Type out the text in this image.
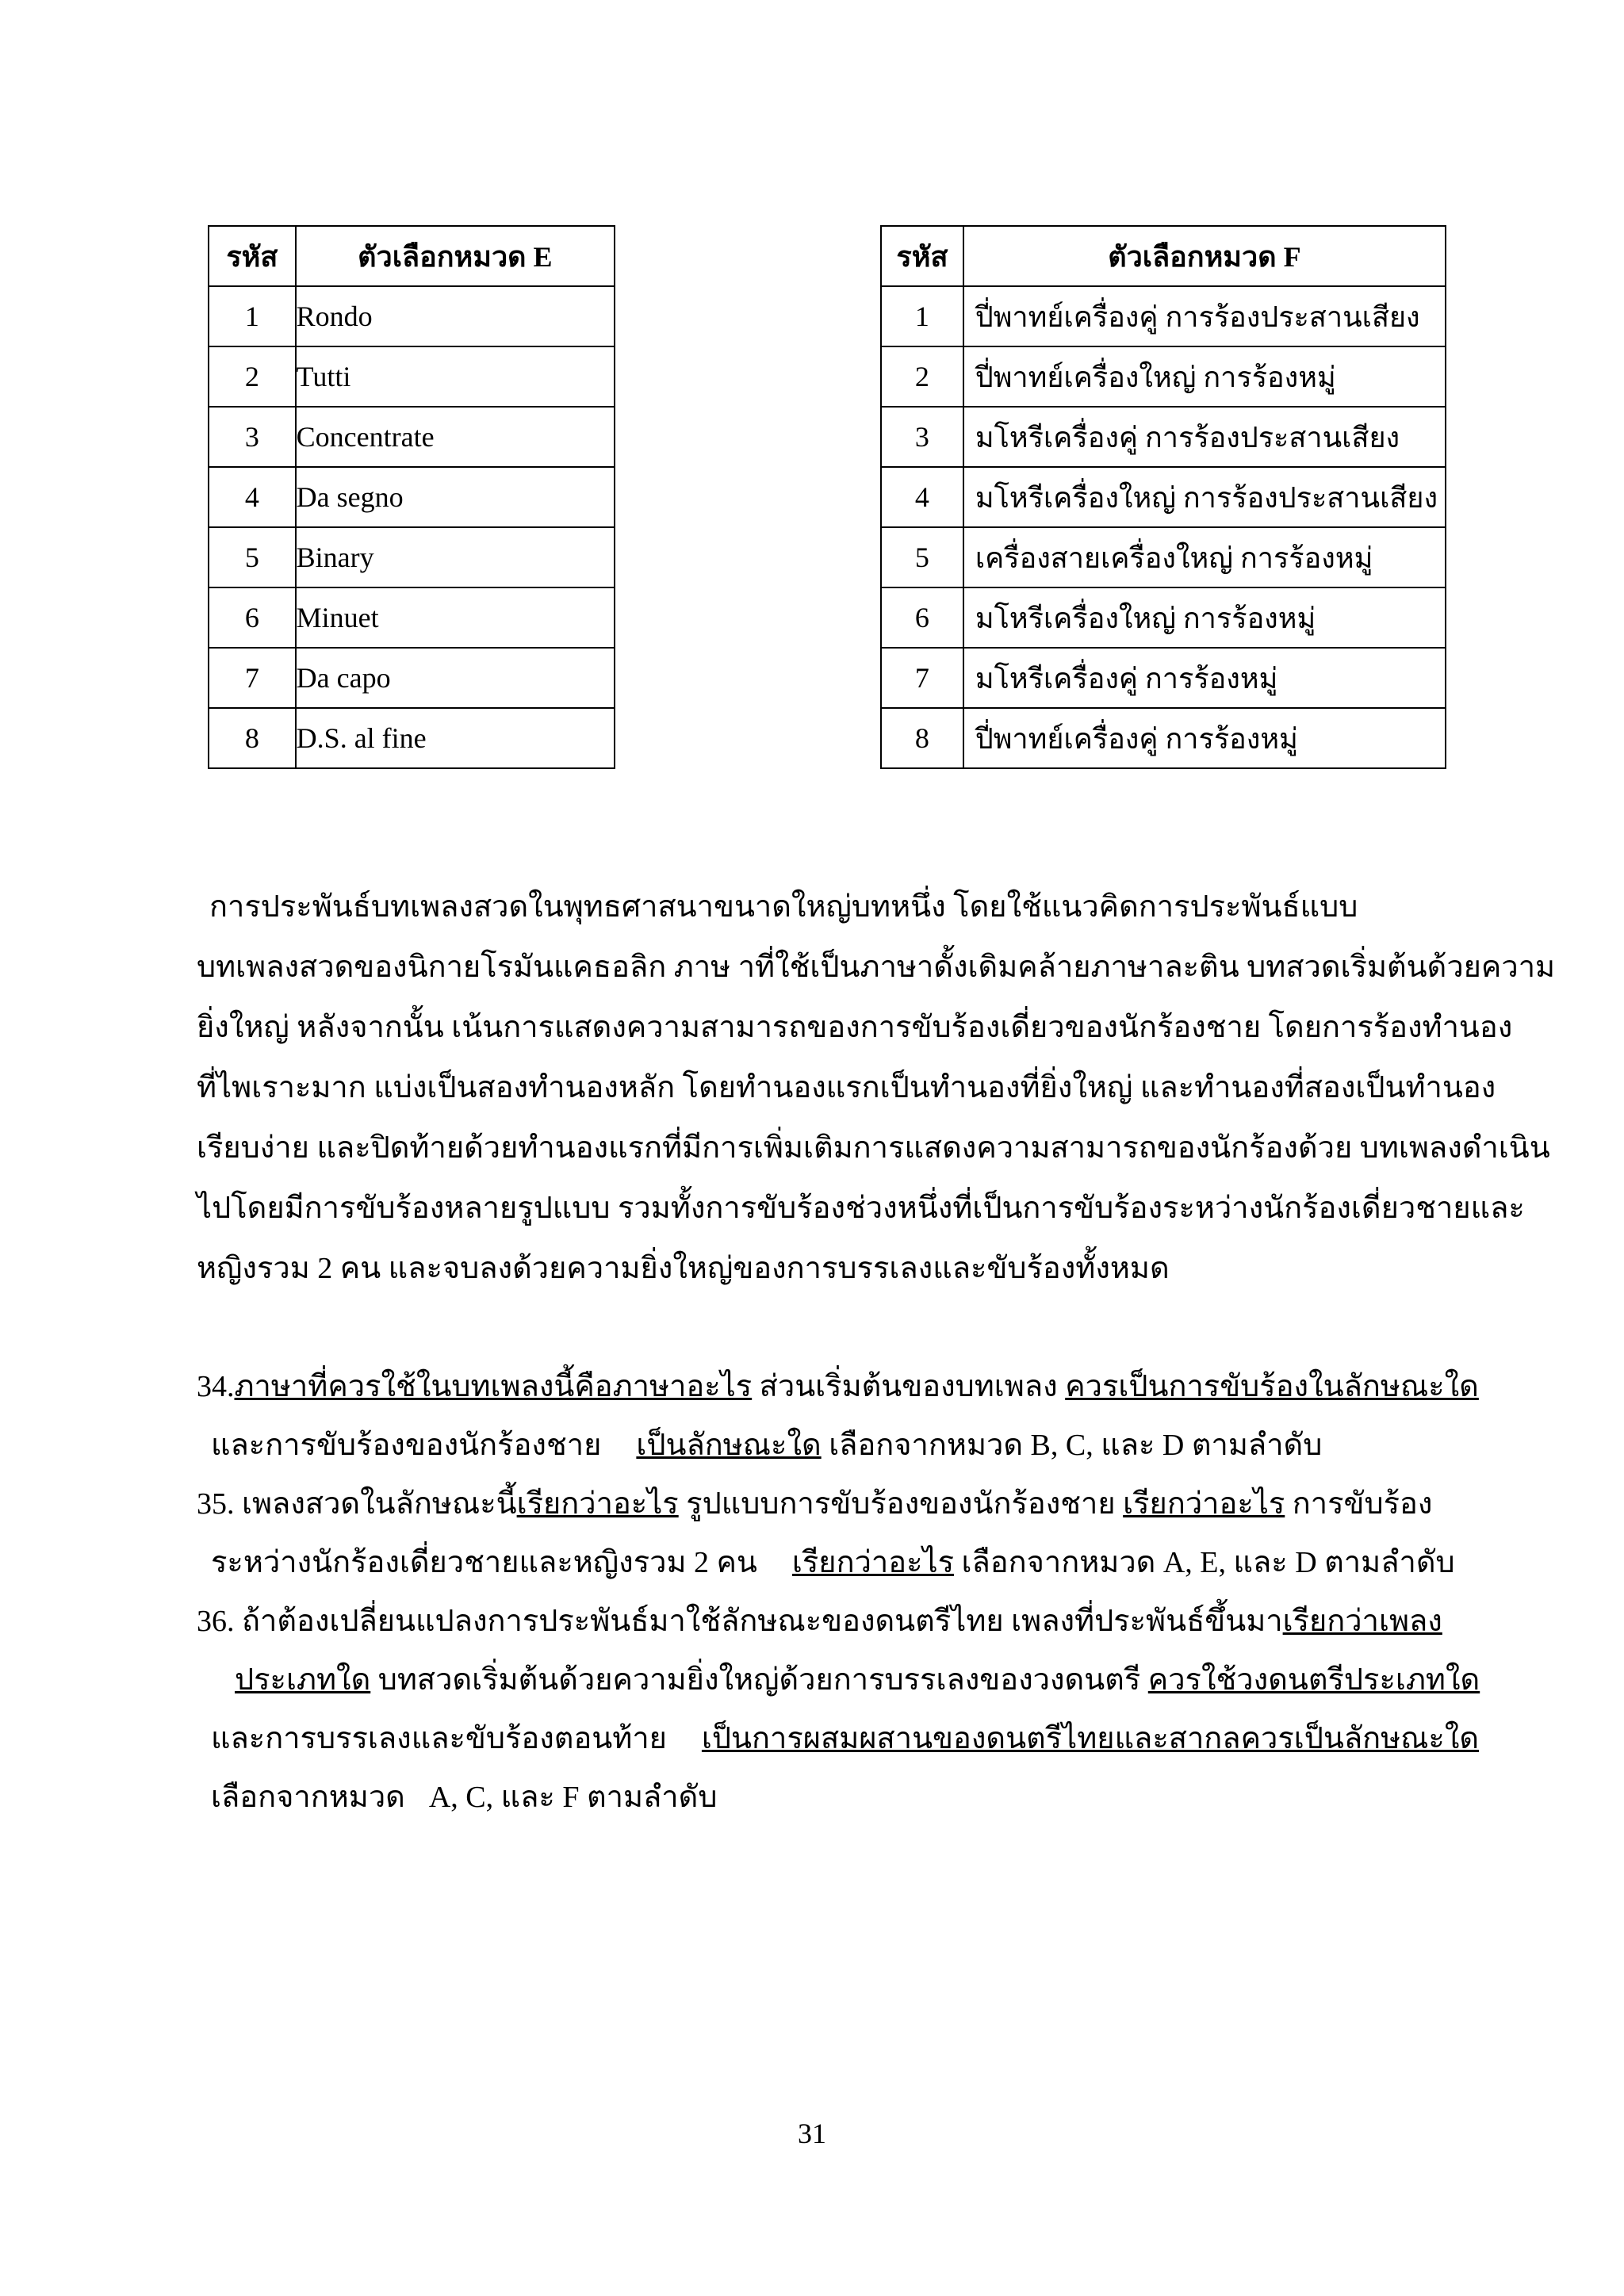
รหัส	ตัวเลือกหมวด E
1	Rondo
2	Tutti
3	Concentrate
4	Da segno
5	Binary
6	Minuet
7	Da capo
8	D.S. al fine
รหัส	ตัวเลือกหมวด F
1	ปี่พาทย์เครื่องคู่ การร้องประสานเสียง
2	ปี่พาทย์เครื่องใหญ่ การร้องหมู่
3	มโหรีเครื่องคู่ การร้องประสานเสียง
4	มโหรีเครื่องใหญ่ การร้องประสานเสียง
5	เครื่องสายเครื่องใหญ่ การร้องหมู่
6	มโหรีเครื่องใหญ่ การร้องหมู่
7	มโหรีเครื่องคู่ การร้องหมู่
8	ปี่พาทย์เครื่องคู่ การร้องหมู่
การประพันธ์บทเพลงสวดในพุทธศาสนาขนาดใหญ่บทหนึ่ง โดยใช้แนวคิดการประพันธ์แบบ
บทเพลงสวดของนิกายโรมันแคธอลิก ภาษ าที่ใช้เป็นภาษาดั้งเดิมคล้ายภาษาละติน บทสวดเริ่มต้นด้วยความ
ยิ่งใหญ่ หลังจากนั้น เน้นการแสดงความสามารถของการขับร้องเดี่ยวของนักร้องชาย โดยการร้องทำนอง
ที่ไพเราะมาก แบ่งเป็นสองทำนองหลัก โดยทำนองแรกเป็นทำนองที่ยิ่งใหญ่ และทำนองที่สองเป็นทำนอง
เรียบง่าย และปิดท้ายด้วยทำนองแรกที่มีการเพิ่มเติมการแสดงความสามารถของนักร้องด้วย บทเพลงดำเนิน
ไปโดยมีการขับร้องหลายรูปแบบ รวมทั้งการขับร้องช่วงหนึ่งที่เป็นการขับร้องระหว่างนักร้องเดี่ยวชายและ
หญิงรวม 2 คน และจบลงด้วยความยิ่งใหญ่ของการบรรเลงและขับร้องทั้งหมด
34.ภาษาที่ควรใช้ในบทเพลงนี้คือภาษาอะไร ส่วนเริ่มต้นของบทเพลง ควรเป็นการขับร้องในลักษณะใด
และการขับร้องของนักร้องชาย เป็นลักษณะใด เลือกจากหมวด B, C, และ D ตามลำดับ
35. เพลงสวดในลักษณะนี้เรียกว่าอะไร รูปแบบการขับร้องของนักร้องชาย เรียกว่าอะไร การขับร้อง
ระหว่างนักร้องเดี่ยวชายและหญิงรวม 2 คน เรียกว่าอะไร เลือกจากหมวด A, E, และ D ตามลำดับ
36. ถ้าต้องเปลี่ยนแปลงการประพันธ์มาใช้ลักษณะของดนตรีไทย เพลงที่ประพันธ์ขึ้นมาเรียกว่าเพลง
ประเภทใด บทสวดเริ่มต้นด้วยความยิ่งใหญ่ด้วยการบรรเลงของวงดนตรี ควรใช้วงดนตรีประเภทใด
และการบรรเลงและขับร้องตอนท้าย เป็นการผสมผสานของดนตรีไทยและสากลควรเป็นลักษณะใด
เลือกจากหมวด A, C, และ F ตามลำดับ
31
